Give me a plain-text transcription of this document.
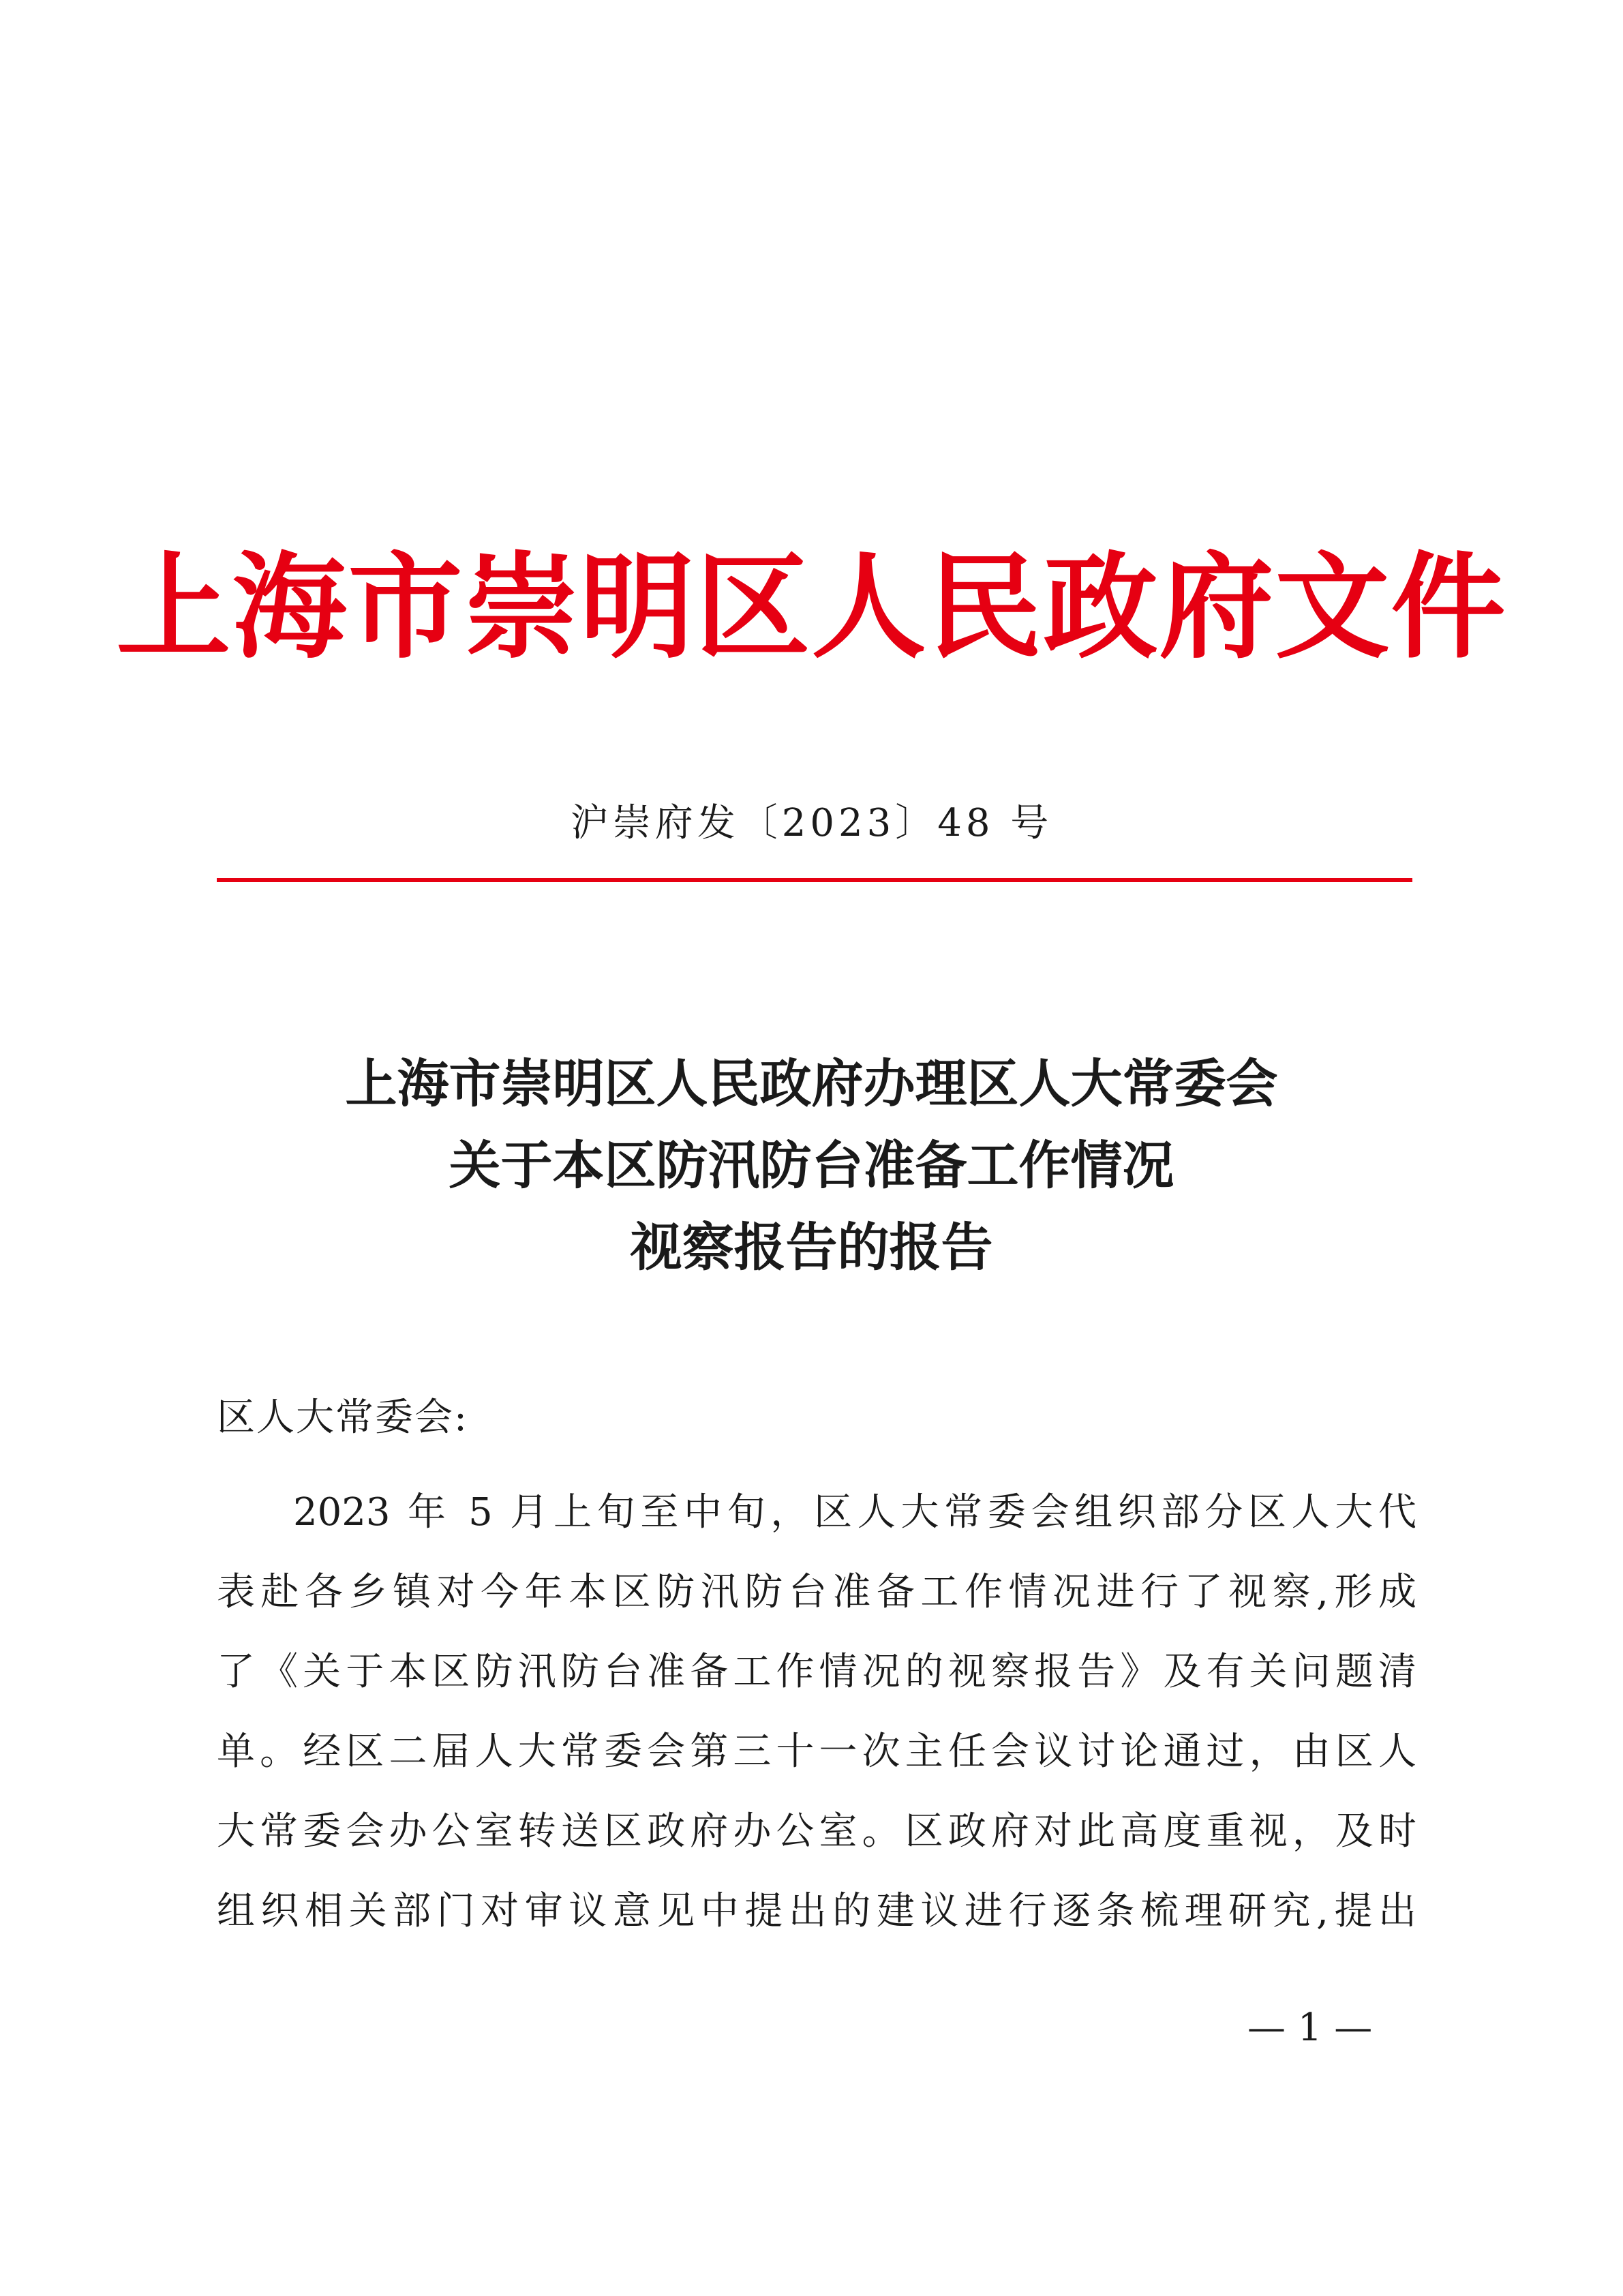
上海市崇明区人民政府文件
沪崇府发〔2023〕48 号
上海市崇明区人民政府办理区人大常委会
关于本区防汛防台准备工作情况
视察报告的报告
区人大常委会:
2023 年 5 月上旬至中旬，区人大常委会组织部分区人大代
表赴各乡镇对今年本区防汛防台准备工作情况进行了视察,形成
了《关于本区防汛防台准备工作情况的视察报告》及有关问题清
单。经区二届人大常委会第三十一次主任会议讨论通过，由区人
大常委会办公室转送区政府办公室。区政府对此高度重视，及时
组织相关部门对审议意见中提出的建议进行逐条梳理研究,提出
— 1 —
